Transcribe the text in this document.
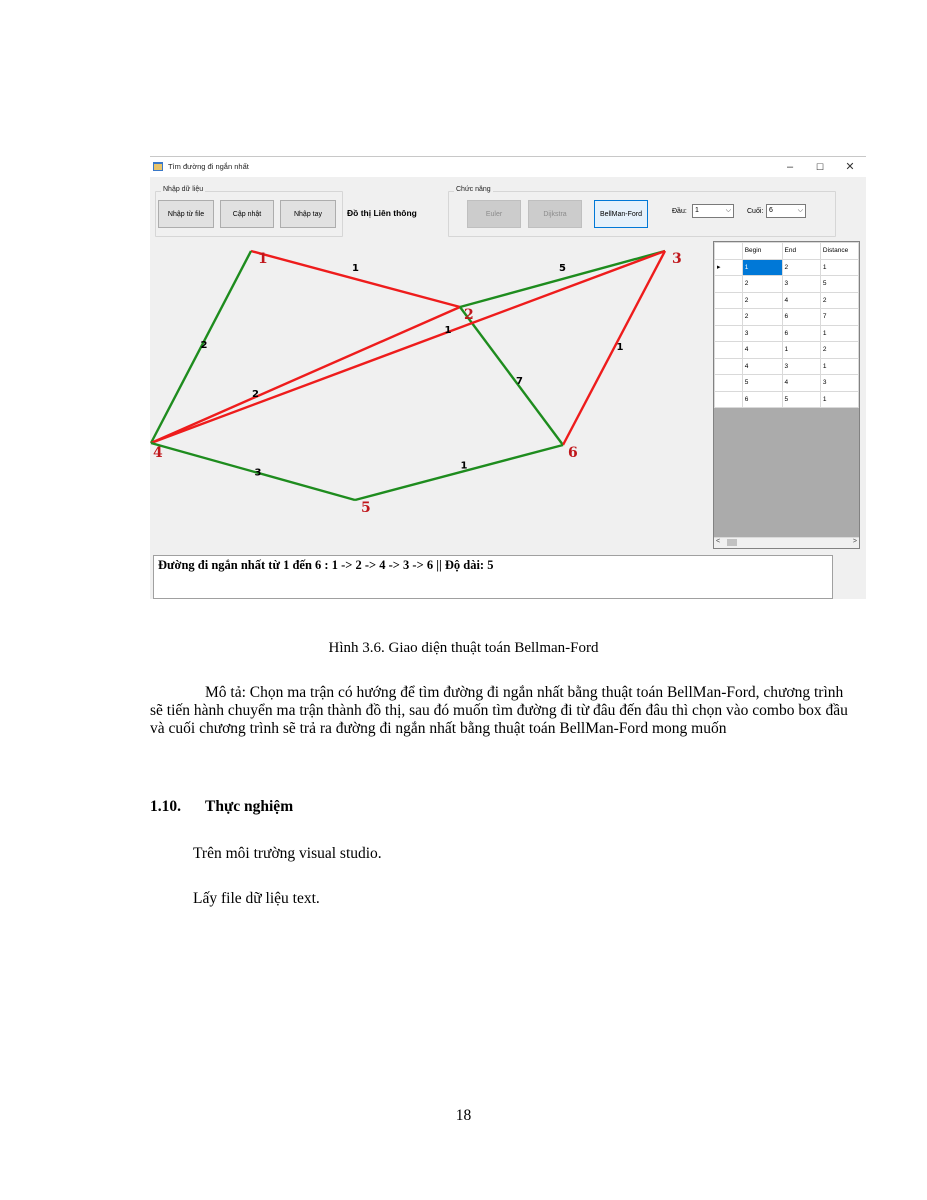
Tìm đường đi ngắn nhất	–	☐	✕
Nhập dữ liệu
Nhập từ file	Cập nhật	Nhập tay	Đồ thị Liên thông
Chức năng
Euler	Dijkstra	BellMan-Ford	Đầu:	1	⌵ Cuối: 6	⌵
1	5
2
7
1
2
1
3
1
1
2
3
4
5
6
	Begin	End	Distance
▸	1	2	1
	2	3	5
	2	4	2
	2	6	7
	3	6	1
	4	1	2
	4	3	1
	5	4	3
	6	5	1
<	>
Đường đi ngắn nhất từ 1 đến 6 : 1 -> 2 -> 4 -> 3 -> 6 || Độ dài: 5
Hình 3.6. Giao diện thuật toán Bellman-Ford
Mô tả: Chọn ma trận có hướng để tìm đường đi ngắn nhất bằng thuật toán BellMan-Ford, chương trình sẽ tiến hành chuyển ma trận thành đồ thị, sau đó muốn tìm đường đi từ đâu đến đâu thì chọn vào combo box đầu và cuối chương trình sẽ trả ra đường đi ngắn nhất bằng thuật toán BellMan-Ford mong muốn
1.10. Thực nghiệm
Trên môi trường visual studio.
Lấy file dữ liệu text.
18
